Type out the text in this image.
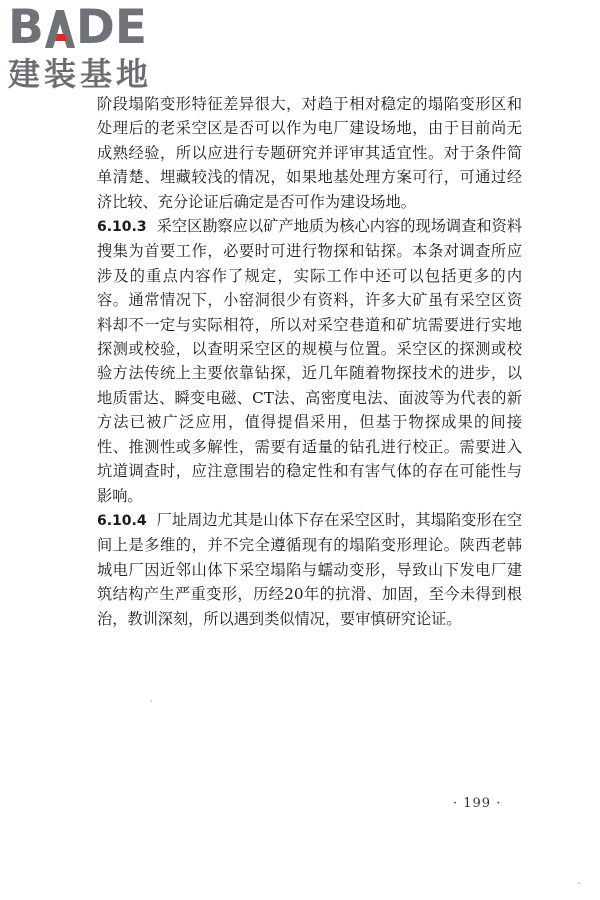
B DE
建装基地

阶段塌陷变形特征差异很大，对趋于相对稳定的塌陷变形区和处理后的老采空区是否可以作为电厂建设场地，由于目前尚无成熟经验，所以应进行专题研究并评审其适宜性。对于条件简单清楚、埋藏较浅的情况，如果地基处理方案可行，可通过经济比较、充分论证后确定是否可作为建设场地。

6.10.3 采空区勘察应以矿产地质为核心内容的现场调查和资料搜集为首要工作，必要时可进行物探和钻探。本条对调查所应涉及的重点内容作了规定，实际工作中还可以包括更多的内容。通常情况下，小窑洞很少有资料，许多大矿虽有采空区资料却不一定与实际相符，所以对采空巷道和矿坑需要进行实地探测或校验，以查明采空区的规模与位置。采空区的探测或校验方法传统上主要依靠钻探，近几年随着物探技术的进步，以地质雷达、瞬变电磁、CT法、高密度电法、面波等为代表的新方法已被广泛应用，值得提倡采用，但基于物探成果的间接性、推测性或多解性，需要有适量的钻孔进行校正。需要进入坑道调查时，应注意围岩的稳定性和有害气体的存在可能性与影响。

6.10.4 厂址周边尤其是山体下存在采空区时，其塌陷变形在空间上是多维的，并不完全遵循现有的塌陷变形理论。陕西老韩城电厂因近邻山体下采空塌陷与蠕动变形，导致山下发电厂建筑结构产生严重变形，历经20年的抗滑、加固，至今未得到根治，教训深刻，所以遇到类似情况，要审慎研究论证。

· 199 ·
